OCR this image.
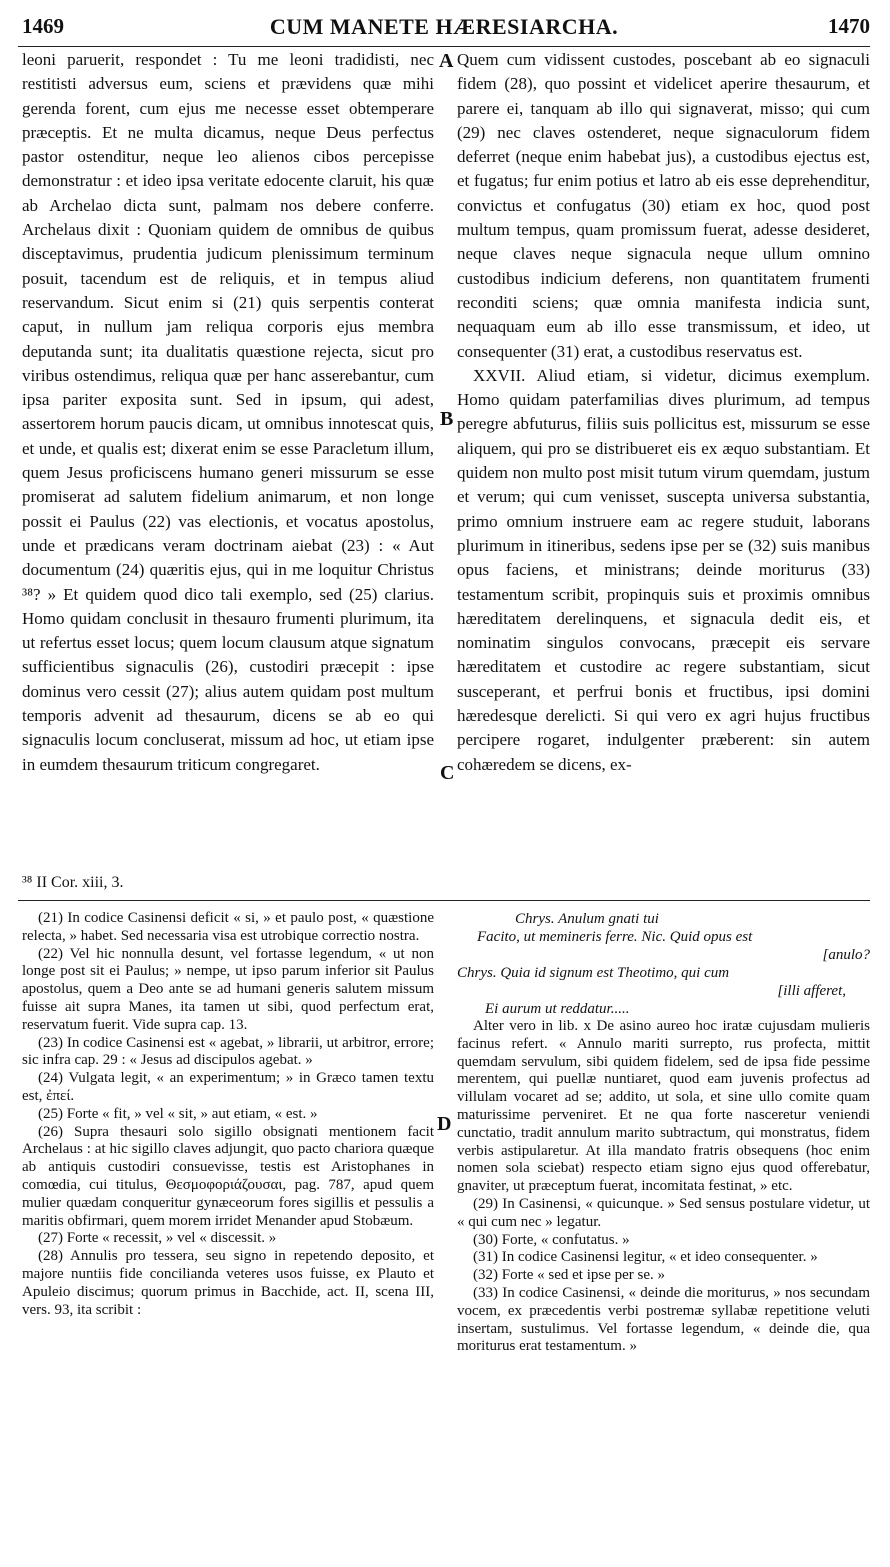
1469	CUM MANETE HÆRESIARCHA.	1470

leoni paruerit, respondet : Tu me leoni tradidisti, nec restitisti adversus eum, sciens et prævidens quæ mihi gerenda forent, cum ejus me necesse esset obtemperare præceptis. Et ne multa dicamus, neque Deus perfectus pastor ostenditur, neque leo alienos cibos percepisse demonstratur : et ideo ipsa veritate edocente claruit, his quæ ab Archelao dicta sunt, palmam nos debere conferre. Archelaus dixit : Quoniam quidem de omnibus de quibus disceptavimus, prudentia judicum plenissimum terminum posuit, tacendum est de reliquis, et in tempus aliud reservandum. Sicut enim si (21) quis serpentis conterat caput, in nullum jam reliqua corporis ejus membra deputanda sunt; ita dualitatis quæstione rejecta, sicut pro viribus ostendimus, reliqua quæ per hanc asserebantur, cum ipsa pariter exposita sunt. Sed in ipsum, qui adest, assertorem horum paucis dicam, ut omnibus innotescat quis, et unde, et qualis est; dixerat enim se esse Paracletum illum, quem Jesus proficiscens humano generi missurum se esse promiserat ad salutem fidelium animarum, et non longe possit ei Paulus (22) vas electionis, et vocatus apostolus, unde et prædicans veram doctrinam aiebat (23) : « Aut documentum (24) quæritis ejus, qui in me loquitur Christus ³⁸? » Et quidem quod dico tali exemplo, sed (25) clarius. Homo quidam conclusit in thesauro frumenti plurimum, ita ut refertus esset locus; quem locum clausum atque signatum sufficientibus signaculis (26), custodiri præcepit : ipse dominus vero cessit (27); alius autem quidam post multum temporis advenit ad thesaurum, dicens se ab eo qui signaculis locum concluserat, missum ad hoc, ut etiam ipse in eumdem thesaurum triticum congregaret.

Quem cum vidissent custodes, poscebant ab eo signaculi fidem (28), quo possint et videlicet aperire thesaurum, et parere ei, tanquam ab illo qui signaverat, misso; qui cum (29) nec claves ostenderet, neque signaculorum fidem deferret (neque enim habebat jus), a custodibus ejectus est, et fugatus; fur enim potius et latro ab eis esse deprehenditur, convictus et confugatus (30) etiam ex hoc, quod post multum tempus, quam promissum fuerat, adesse desideret, neque claves neque signacula neque ullum omnino custodibus indicium deferens, non quantitatem frumenti reconditi sciens; quæ omnia manifesta indicia sunt, nequaquam eum ab illo esse transmissum, et ideo, ut consequenter (31) erat, a custodibus reservatus est.

XXVII. Aliud etiam, si videtur, dicimus exemplum. Homo quidam paterfamilias dives plurimum, ad tempus peregre abfuturus, filiis suis pollicitus est, missurum se esse aliquem, qui pro se distribueret eis ex æquo substantiam. Et quidem non multo post misit tutum virum quemdam, justum et verum; qui cum venisset, suscepta universa substantia, primo omnium instruere eam ac regere studuit, laborans plurimum in itineribus, sedens ipse per se (32) suis manibus opus faciens, et ministrans; deinde moriturus (33) testamentum scribit, propinquis suis et proximis omnibus hæreditatem derelinquens, et signacula dedit eis, et nominatim singulos convocans, præcepit eis servare hæreditatem et custodire ac regere substantiam, sicut susceperant, et perfrui bonis et fructibus, ipsi domini hæredesque derelicti. Si qui vero ex agri hujus fructibus percipere rogaret, indulgenter præberent: sin autem cohæredem se dicens, ex-

A
B
C
D
³⁸ II Cor. xiii, 3.

(21) In codice Casinensi deficit « si, » et paulo post, « quæstione relecta, » habet. Sed necessaria visa est utrobique correctio nostra.

(22) Vel hic nonnulla desunt, vel fortasse legendum, « ut non longe post sit ei Paulus; » nempe, ut ipso parum inferior sit Paulus apostolus, quem a Deo ante se ad humani generis salutem missum fuisse ait supra Manes, ita tamen ut sibi, quod perfectum erat, reservatum fuerit. Vide supra cap. 13.

(23) In codice Casinensi est « agebat, » librarii, ut arbitror, errore; sic infra cap. 29 : « Jesus ad discipulos agebat. »

(24) Vulgata legit, « an experimentum; » in Græco tamen textu est, ἐπεί.

(25) Forte « fit, » vel « sit, » aut etiam, « est. »

(26) Supra thesauri solo sigillo obsignati mentionem facit Archelaus : at hic sigillo claves adjungit, quo pacto chariora quæque ab antiquis custodiri consuevisse, testis est Aristophanes in comœdia, cui titulus, Θεσμοφοριάζουσαι, pag. 787, apud quem mulier quædam conqueritur gynæceorum fores sigillis et pessulis a maritis obfirmari, quem morem irridet Menander apud Stobæum.

(27) Forte « recessit, » vel « discessit. »

(28) Annulis pro tessera, seu signo in repetendo deposito, et majore nuntiis fide concilianda veteres usos fuisse, ex Plauto et Apuleio discimus; quorum primus in Bacchide, act. II, scena III, vers. 93, ita scribit :

Chrys. Anulum gnati tui
Facito, ut memineris ferre. Nic. Quid opus est
[anulo?
Chrys. Quia id signum est Theotimo, qui cum
[illi afferet,
Ei aurum ut reddatur.....

Alter vero in lib. x De asino aureo hoc iratæ cujusdam mulieris facinus refert. « Annulo mariti surrepto, rus profecta, mittit quemdam servulum, sibi quidem fidelem, sed de ipsa fide pessime merentem, qui puellæ nuntiaret, quod eam juvenis profectus ad villulam vocaret ad se; addito, ut sola, et sine ullo comite quam maturissime perveniret. Et ne qua forte nasceretur veniendi cunctatio, tradit annulum marito subtractum, qui monstratus, fidem verbis astipularetur. At illa mandato fratris obsequens (hoc enim nomen sola sciebat) respecto etiam signo ejus quod offerebatur, gnaviter, ut præceptum fuerat, incomitata festinat, » etc.

(29) In Casinensi, « quicunque. » Sed sensus postulare videtur, ut « qui cum nec » legatur.

(30) Forte, « confutatus. »

(31) In codice Casinensi legitur, « et ideo consequenter. »

(32) Forte « sed et ipse per se. »

(33) In codice Casinensi, « deinde die moriturus, » nos secundam vocem, ex præcedentis verbi postremæ syllabæ repetitione veluti insertam, sustulimus. Vel fortasse legendum, « deinde die, qua moriturus erat testamentum. »
